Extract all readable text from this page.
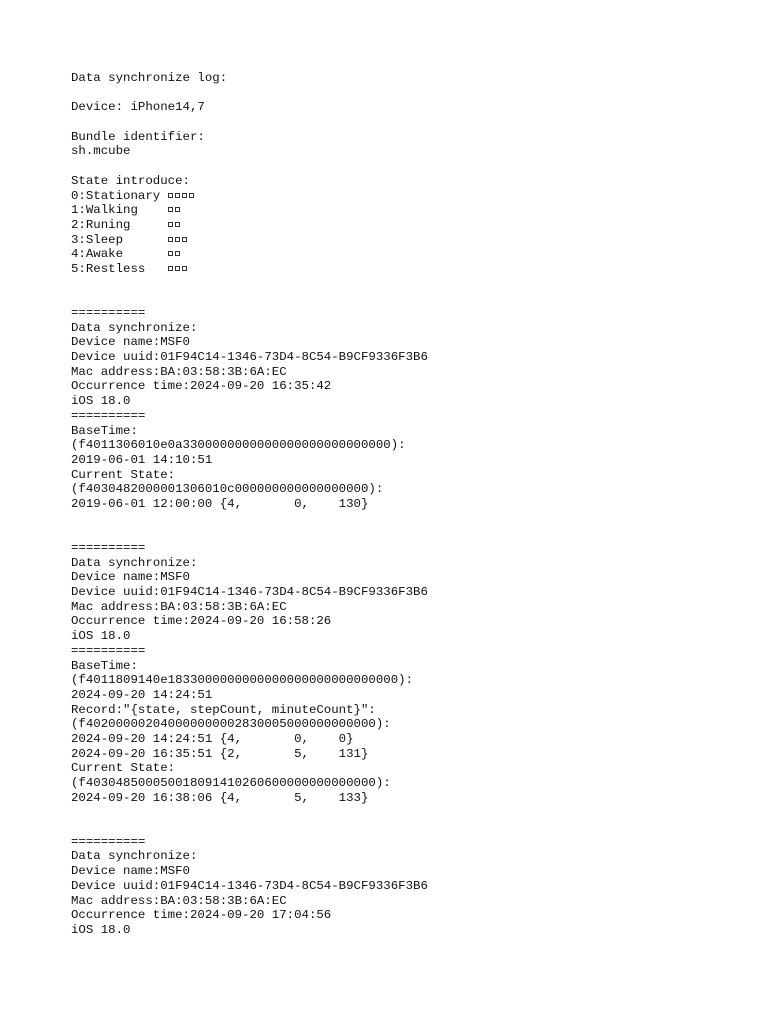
Data synchronize log:
Device: iPhone14,7
Bundle identifier:
sh.mcube
State introduce:
0:Stationary
1:Walking
2:Runing
3:Sleep
4:Awake
5:Restless
==========
Data synchronize:
Device name:MSF0
Device uuid:01F94C14-1346-73D4-8C54-B9CF9336F3B6
Mac address:BA:03:58:3B:6A:EC
Occurrence time:2024-09-20 16:35:42
iOS 18.0
==========
BaseTime:
(f4011306010e0a3300000000000000000000000000):
2019-06-01 14:10:51
Current State:
(f4030482000001306010c000000000000000000):
2019-06-01 12:00:00 {4,       0,    130}
==========
Data synchronize:
Device name:MSF0
Device uuid:01F94C14-1346-73D4-8C54-B9CF9336F3B6
Mac address:BA:03:58:3B:6A:EC
Occurrence time:2024-09-20 16:58:26
iOS 18.0
==========
BaseTime:
(f4011809140e1833000000000000000000000000000):
2024-09-20 14:24:51
Record:"{state, stepCount, minuteCount}":
(f402000002040000000002830005000000000000):
2024-09-20 14:24:51 {4,       0,    0}
2024-09-20 16:35:51 {2,       5,    131}
Current State:
(f403048500050018091410260600000000000000):
2024-09-20 16:38:06 {4,       5,    133}
==========
Data synchronize:
Device name:MSF0
Device uuid:01F94C14-1346-73D4-8C54-B9CF9336F3B6
Mac address:BA:03:58:3B:6A:EC
Occurrence time:2024-09-20 17:04:56
iOS 18.0
